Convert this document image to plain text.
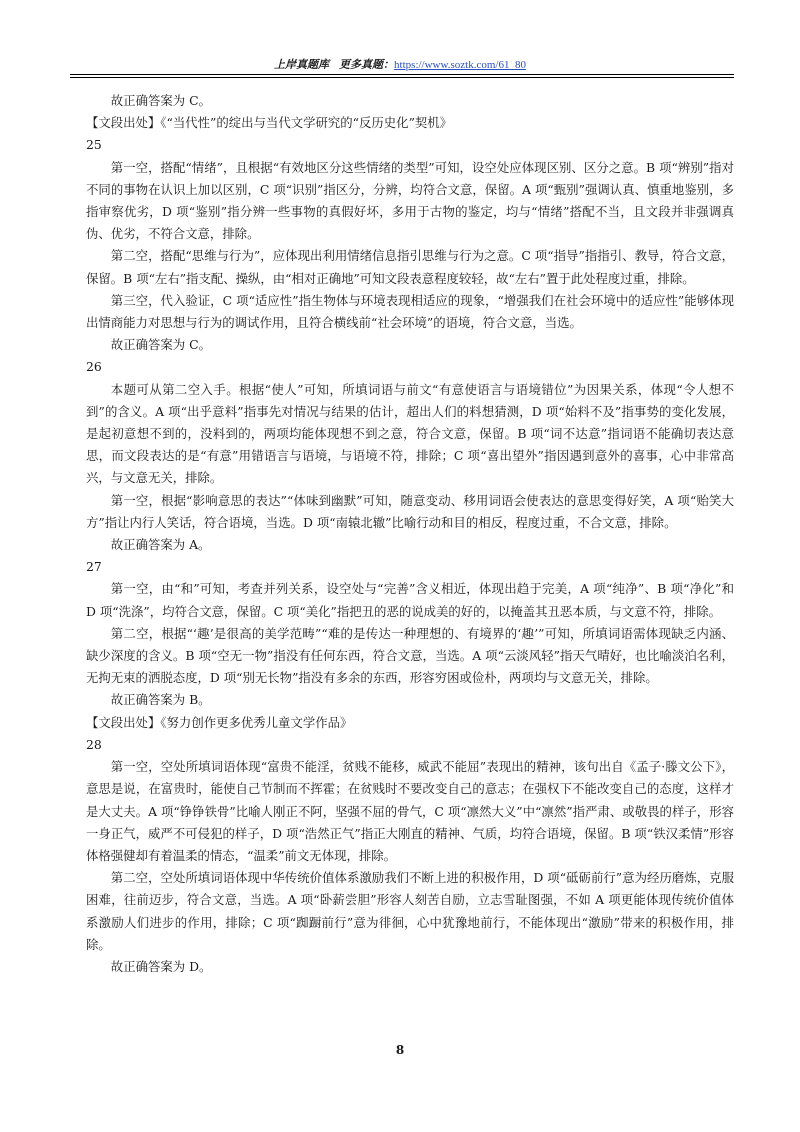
上岸真题库 更多真题：https://www.soztk.com/61_80

故正确答案为 C。

【文段出处】《“当代性”的绽出与当代文学研究的“反历史化”契机》

25

第一空，搭配“情绪”，且根据“有效地区分这些情绪的类型”可知，设空处应体现区别、区分之意。B 项“辨别”指对不同的事物在认识上加以区别，C 项“识别”指区分，分辨，均符合文意，保留。A 项“甄别”强调认真、慎重地鉴别，多指审察优劣，D 项“鉴别”指分辨一些事物的真假好坏，多用于古物的鉴定，均与“情绪”搭配不当，且文段并非强调真伪、优劣，不符合文意，排除。

第二空，搭配“思维与行为”，应体现出利用情绪信息指引思维与行为之意。C 项“指导”指指引、教导，符合文意，保留。B 项“左右”指支配、操纵，由“相对正确地”可知文段表意程度较轻，故“左右”置于此处程度过重，排除。

第三空，代入验证，C 项“适应性”指生物体与环境表现相适应的现象，“增强我们在社会环境中的适应性”能够体现出情商能力对思想与行为的调试作用，且符合横线前“社会环境”的语境，符合文意，当选。

故正确答案为 C。

26

本题可从第二空入手。根据“使人”可知，所填词语与前文“有意使语言与语境错位”为因果关系，体现“令人想不到”的含义。A 项“出乎意料”指事先对情况与结果的估计，超出人们的料想猜测，D 项“始料不及”指事势的变化发展，是起初意想不到的，没料到的，两项均能体现想不到之意，符合文意，保留。B 项“词不达意”指词语不能确切表达意思，而文段表达的是“有意”用错语言与语境，与语境不符，排除；C 项“喜出望外”指因遇到意外的喜事，心中非常高兴，与文意无关，排除。

第一空，根据“影响意思的表达”“体味到幽默”可知，随意变动、移用词语会使表达的意思变得好笑，A 项“贻笑大方”指让内行人笑话，符合语境，当选。D 项“南辕北辙”比喻行动和目的相反，程度过重，不合文意，排除。

故正确答案为 A。

27

第一空，由“和”可知，考查并列关系，设空处与“完善”含义相近，体现出趋于完美，A 项“纯净”、B 项“净化”和 D 项“洗涤”，均符合文意，保留。C 项“美化”指把丑的恶的说成美的好的，以掩盖其丑恶本质，与文意不符，排除。

第二空，根据“‘趣’是很高的美学范畴”“难的是传达一种理想的、有境界的‘趣’”可知，所填词语需体现缺乏内涵、缺少深度的含义。B 项“空无一物”指没有任何东西，符合文意，当选。A 项“云淡风轻”指天气晴好，也比喻淡泊名利，无拘无束的洒脱态度，D 项“别无长物”指没有多余的东西，形容穷困或俭朴，两项均与文意无关，排除。

故正确答案为 B。

【文段出处】《努力创作更多优秀儿童文学作品》

28

第一空，空处所填词语体现“富贵不能淫，贫贱不能移，威武不能屈”表现出的精神，该句出自《孟子·滕文公下》，意思是说，在富贵时，能使自己节制而不挥霍；在贫贱时不要改变自己的意志；在强权下不能改变自己的态度，这样才是大丈夫。A 项“铮铮铁骨”比喻人刚正不阿，坚强不屈的骨气，C 项“凛然大义”中“凛然”指严肃、或敬畏的样子，形容一身正气，威严不可侵犯的样子，D 项“浩然正气”指正大刚直的精神、气质，均符合语境，保留。B 项“铁汉柔情”形容体格强健却有着温柔的情态，“温柔”前文无体现，排除。

第二空，空处所填词语体现中华传统价值体系激励我们不断上进的积极作用，D 项“砥砺前行”意为经历磨炼，克服困难，往前迈步，符合文意，当选。A 项“卧薪尝胆”形容人刻苦自励，立志雪耻图强，不如 A 项更能体现传统价值体系激励人们进步的作用，排除；C 项“踟蹰前行”意为徘徊，心中犹豫地前行，不能体现出“激励”带来的积极作用，排除。

故正确答案为 D。

8
